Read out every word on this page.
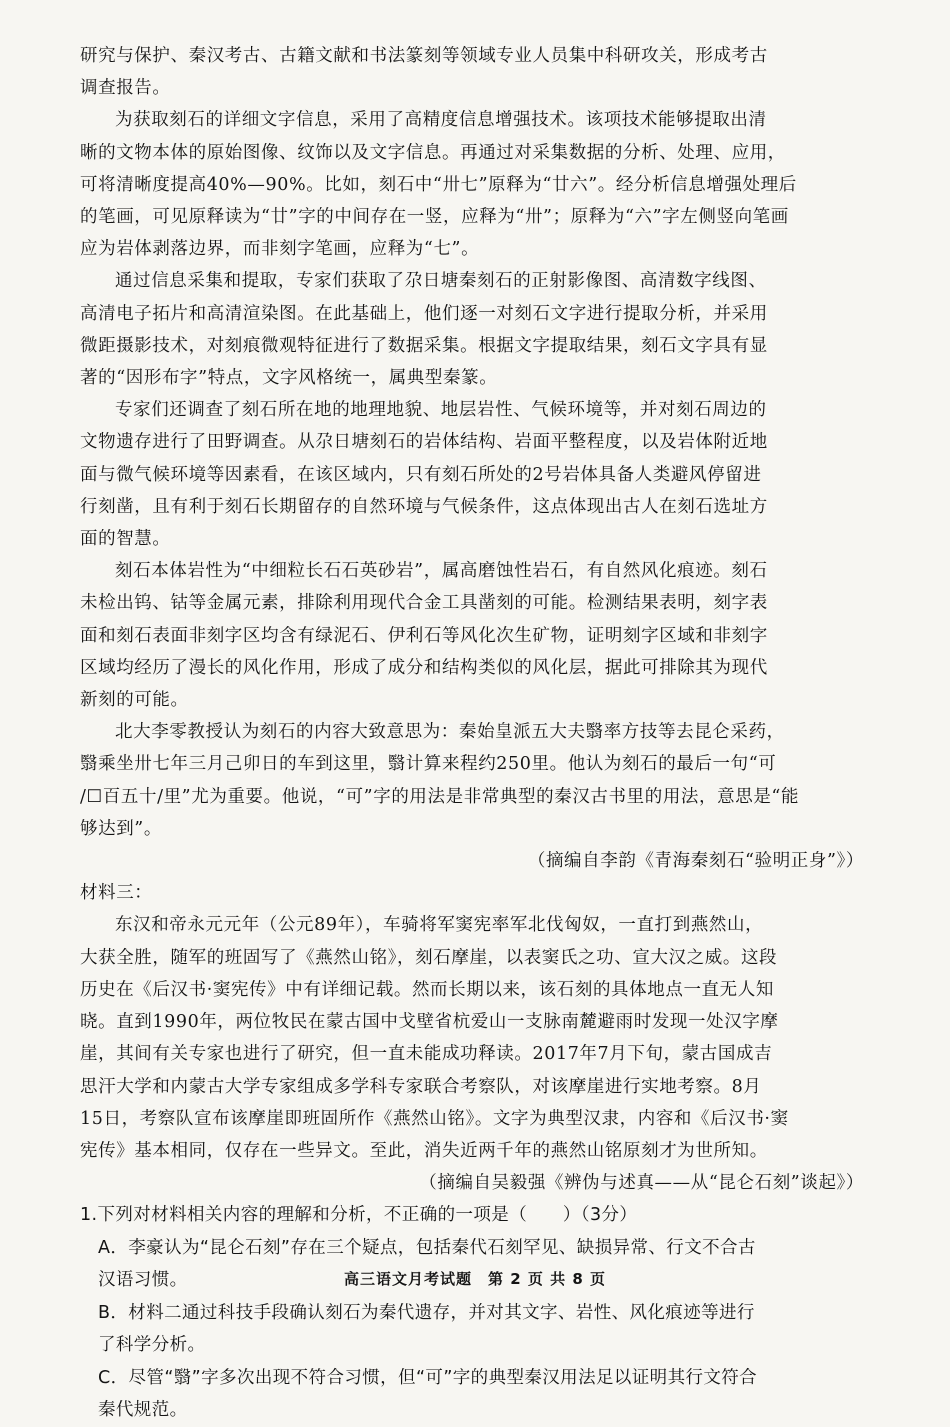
研究与保护、秦汉考古、古籍文献和书法篆刻等领域专业人员集中科研攻关，形成考古
调查报告。
为获取刻石的详细文字信息，采用了高精度信息增强技术。该项技术能够提取出清
晰的文物本体的原始图像、纹饰以及文字信息。再通过对采集数据的分析、处理、应用，
可将清晰度提高40%—90%。比如，刻石中“卅七”原释为“廿六”。经分析信息增强处理后
的笔画，可见原释读为“廿”字的中间存在一竖，应释为“卅”；原释为“六”字左侧竖向笔画
应为岩体剥落边界，而非刻字笔画，应释为“七”。
通过信息采集和提取，专家们获取了尕日塘秦刻石的正射影像图、高清数字线图、
高清电子拓片和高清渲染图。在此基础上，他们逐一对刻石文字进行提取分析，并采用
微距摄影技术，对刻痕微观特征进行了数据采集。根据文字提取结果，刻石文字具有显
著的“因形布字”特点，文字风格统一，属典型秦篆。
专家们还调查了刻石所在地的地理地貌、地层岩性、气候环境等，并对刻石周边的
文物遗存进行了田野调查。从尕日塘刻石的岩体结构、岩面平整程度，以及岩体附近地
面与微气候环境等因素看，在该区域内，只有刻石所处的2号岩体具备人类避风停留进
行刻凿，且有利于刻石长期留存的自然环境与气候条件，这点体现出古人在刻石选址方
面的智慧。
刻石本体岩性为“中细粒长石石英砂岩”，属高磨蚀性岩石，有自然风化痕迹。刻石
未检出钨、钴等金属元素，排除利用现代合金工具凿刻的可能。检测结果表明，刻字表
面和刻石表面非刻字区均含有绿泥石、伊利石等风化次生矿物，证明刻字区域和非刻字
区域均经历了漫长的风化作用，形成了成分和结构类似的风化层，据此可排除其为现代
新刻的可能。
北大李零教授认为刻石的内容大致意思为：秦始皇派五大夫翳率方技等去昆仑采药，
翳乘坐卅七年三月己卯日的车到这里，翳计算来程约250里。他认为刻石的最后一句“可
/☐百五十/里”尤为重要。他说，“可”字的用法是非常典型的秦汉古书里的用法，意思是“能
够达到”。
（摘编自李韵《青海秦刻石“验明正身”》）
材料三：
东汉和帝永元元年（公元89年），车骑将军窦宪率军北伐匈奴，一直打到燕然山，
大获全胜，随军的班固写了《燕然山铭》，刻石摩崖，以表窦氏之功、宣大汉之威。这段
历史在《后汉书·窦宪传》中有详细记载。然而长期以来，该石刻的具体地点一直无人知
晓。直到1990年，两位牧民在蒙古国中戈壁省杭爱山一支脉南麓避雨时发现一处汉字摩
崖，其间有关专家也进行了研究，但一直未能成功释读。2017年7月下旬，蒙古国成吉
思汗大学和内蒙古大学专家组成多学科专家联合考察队，对该摩崖进行实地考察。8月
15日，考察队宣布该摩崖即班固所作《燕然山铭》。文字为典型汉隶，内容和《后汉书·窦
宪传》基本相同，仅存在一些异文。至此，消失近两千年的燕然山铭原刻才为世所知。
（摘编自吴毅强《辨伪与述真——从“昆仑石刻”谈起》）
1.下列对材料相关内容的理解和分析，不正确的一项是（　　）（3分）
A．李豪认为“昆仑石刻”存在三个疑点，包括秦代石刻罕见、缺损异常、行文不合古
汉语习惯。
B．材料二通过科技手段确认刻石为秦代遗存，并对其文字、岩性、风化痕迹等进行
了科学分析。
C．尽管“翳”字多次出现不符合习惯，但“可”字的典型秦汉用法足以证明其行文符合
秦代规范。
高三语文月考试题　第 2 页 共 8 页
